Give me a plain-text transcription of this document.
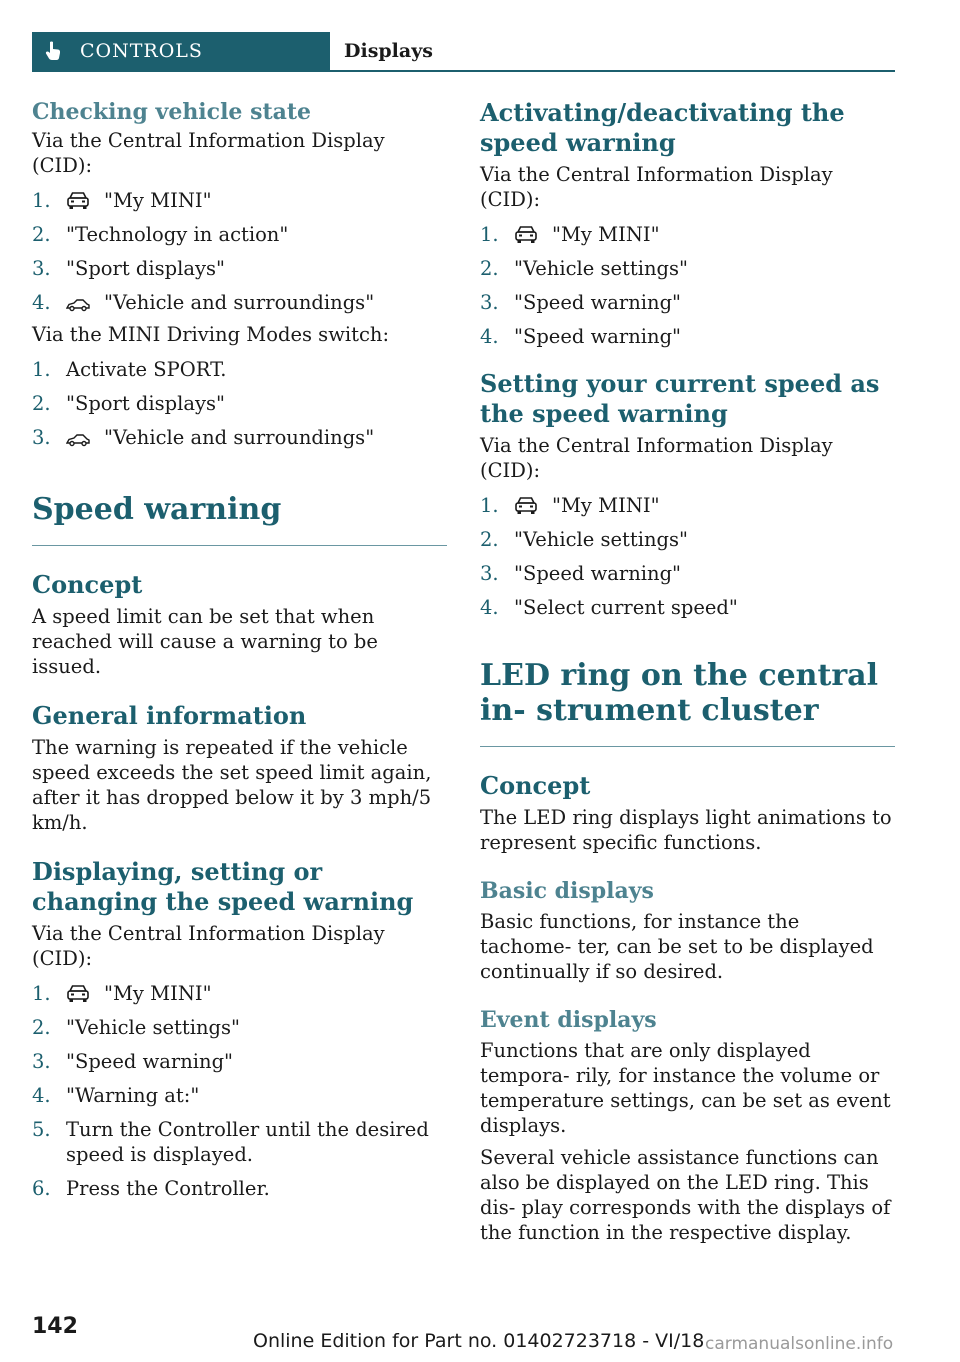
CONTROLS	Displays
Checking vehicle state

Via the Central Information Display (CID):

1.	"My MINI"
2. "Technology in action"
3. "Sport displays"
4.	"Vehicle and surroundings"

Via the MINI Driving Modes switch:

1. Activate SPORT.
2. "Sport displays"
3.	"Vehicle and surroundings"
Speed warning
Concept

A speed limit can be set that when reached will cause a warning to be issued.

General information

The warning is repeated if the vehicle speed exceeds the set speed limit again, after it has dropped below it by 3 mph/5 km/h.

Displaying, setting or changing the speed warning

Via the Central Information Display (CID):

1.	"My MINI"
2. "Vehicle settings"
3. "Speed warning"
4. "Warning at:"
5. Turn the Controller until the desired speed is displayed.
6. Press the Controller.
Activating/deactivating the speed warning

Via the Central Information Display (CID):

1.	"My MINI"
2. "Vehicle settings"
3. "Speed warning"
4. "Speed warning"
Setting your current speed as the speed warning

Via the Central Information Display (CID):

1.	"My MINI"
2. "Vehicle settings"
3. "Speed warning"
4. "Select current speed"
LED ring on the central in- strument cluster
Concept

The LED ring displays light animations to represent specific functions.

Basic displays

Basic functions, for instance the tachome- ter, can be set to be displayed continually if so desired.

Event displays

Functions that are only displayed tempora- rily, for instance the volume or temperature settings, can be set as event displays.

Several vehicle assistance functions can also be displayed on the LED ring. This dis- play corresponds with the displays of the function in the respective display.

142
Online Edition for Part no. 01402723718 - VI/18 carmanualsonline.info
